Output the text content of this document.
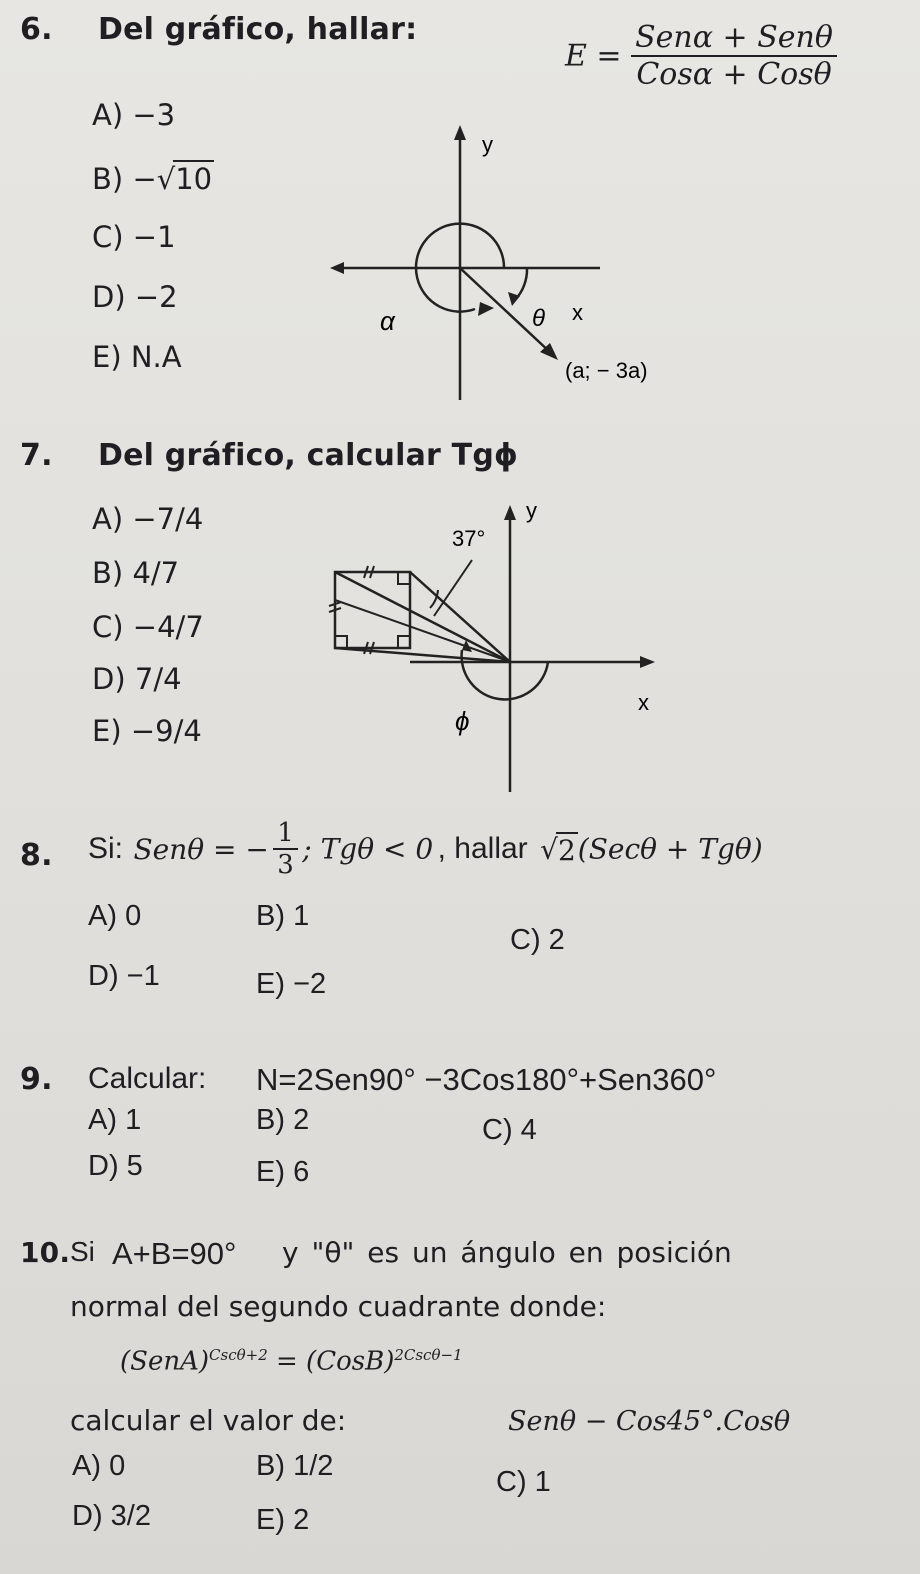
6. Del gráfico, hallar:
$E = \frac{\text{Senα + Senθ}}{\text{Cosα + Cosθ}}$
A) −3
B) −√10
C) −1
D) −2
E) N.A
y
x
α	θ
(a; − 3a)
7. Del gráfico, calcular Tgϕ
A) −7/4
B) 4/7
C) −4/7
D) 7/4
E) −9/4
y
x
37°
ϕ
8. Si: Senθ = − $\frac{1}{3}$ ; Tgθ < 0 , hallar √2(Secθ + Tgθ)
A) 0	B) 1
C) 2
D) −1	E) −2
9. Calcular: N=2Sen90° −3Cos180°+Sen360°
A) 1	B) 2	C) 4
D) 5	E) 6
10. Si A+B=90° y "θ" es un ángulo en posición
normal del segundo cuadrante donde:
(SenA)$^{Csc\theta+2}$ = (CosB)$^{2Csc\theta-1}$
calcular el valor de:	Senθ − Cos45°.Cosθ
A) 0	B) 1/2	C) 1
D) 3/2	E) 2
